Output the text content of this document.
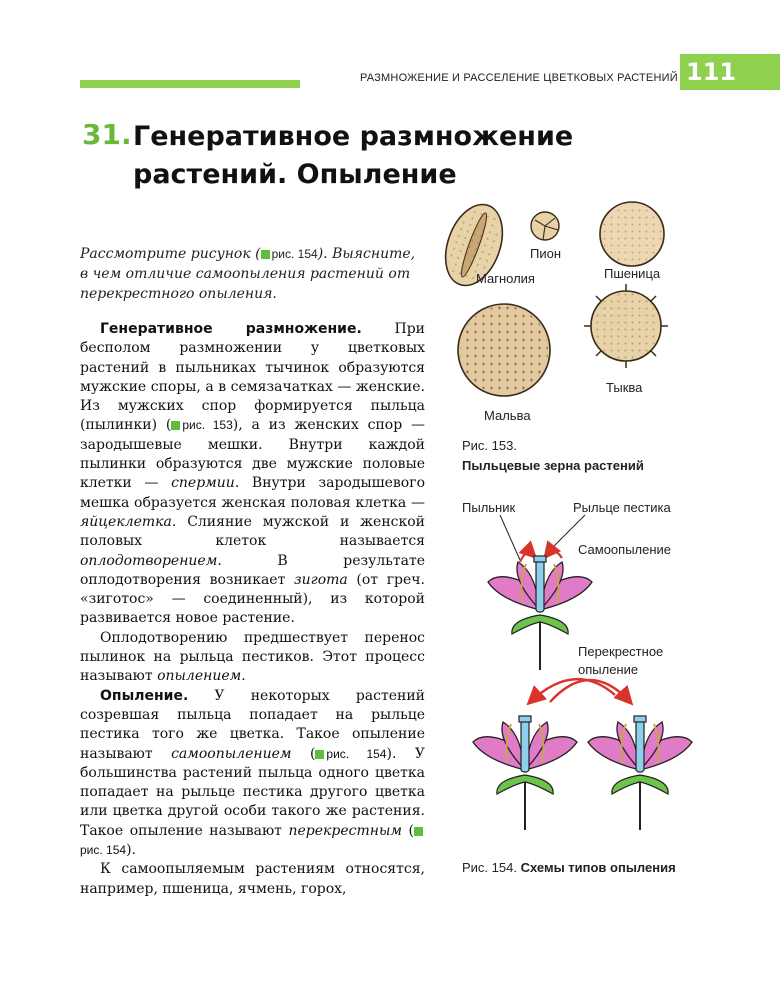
РАЗМНОЖЕНИЕ И РАССЕЛЕНИЕ ЦВЕТКОВЫХ РАСТЕНИЙ 111
31. Генеративное размножение растений. Опыление
Рассмотрите рисунок ( рис. 154). Выясните, в чем отличие самоопыления растений от перекрестного опыления.

Генеративное размножение. При бесполом размножении у цветковых растений в пыльниках тычинок образуются мужские споры, а в семязачатках — женские. Из мужских спор формируется пыльца (пылинки) ( рис. 153), а из женских спор — зародышевые мешки. Внутри каждой пылинки образуются две мужские половые клетки — спермии. Внутри зародышевого мешка образуется женская половая клетка — яйцеклетка. Слияние мужской и женской половых клеток называется оплодотворением. В результате оплодотворения возникает зигота (от греч. «зиготос» — соединенный), из которой развивается новое растение.

Оплодотворению предшествует перенос пылинок на рыльца пестиков. Этот процесс называют опылением.

Опыление. У некоторых растений созревшая пыльца попадает на рыльце пестика того же цветка. Такое опыление называют самоопылением ( рис. 154). У большинства растений пыльца одного цветка попадает на рыльце пестика другого цветка или цветка другой особи такого же растения. Такое опыление называют перекрестным (рис. 154).

К самоопыляемым растениям относятся, например, пшеница, ячмень, горох,

Магнолия
Пион
Пшеница
Мальва
Тыква
Рис. 153.
Пыльцевые зерна растений
Пыльник	Рыльце пестика
Самоопыление
Перекрестное
опыление
Рис. 154. Схемы типов опыления
